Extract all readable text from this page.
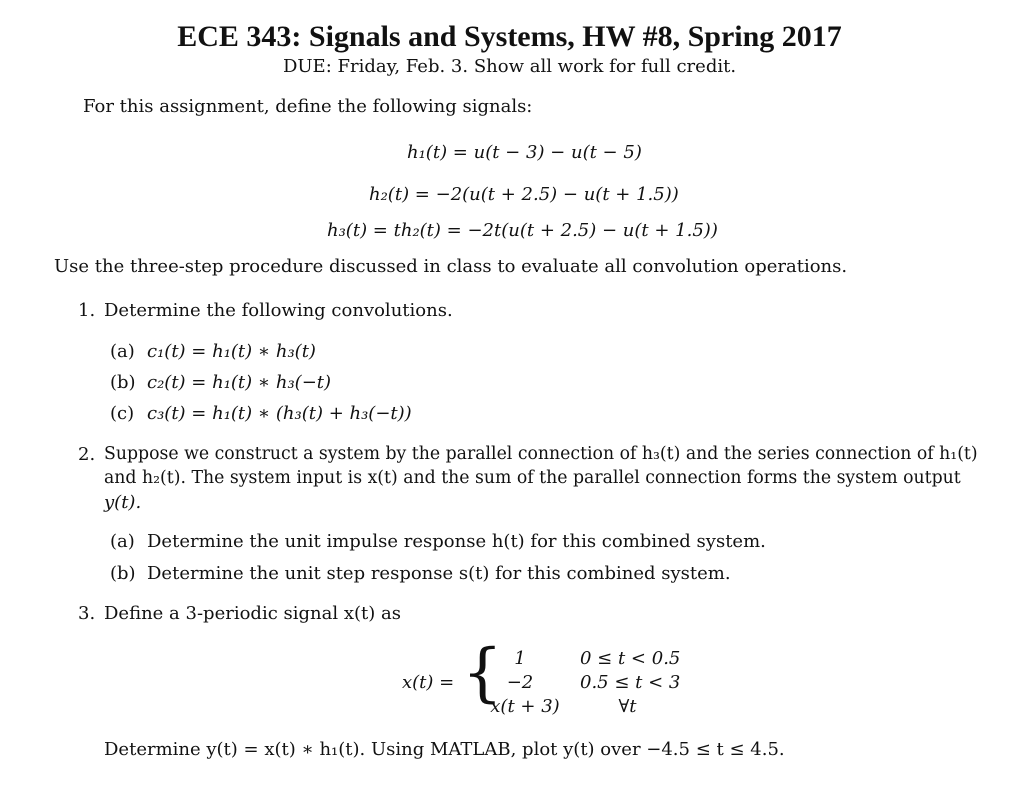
ECE 343: Signals and Systems, HW #8, Spring 2017
DUE: Friday, Feb. 3. Show all work for full credit.
For this assignment, define the following signals:
h₁(t) = u(t − 3) − u(t − 5)
h₂(t) = −2(u(t + 2.5) − u(t + 1.5))
h₃(t) = th₂(t) = −2t(u(t + 2.5) − u(t + 1.5))
Use the three-step procedure discussed in class to evaluate all convolution operations.
1. Determine the following convolutions.
(a) c₁(t) = h₁(t) ∗ h₃(t)
(b) c₂(t) = h₁(t) ∗ h₃(−t)
(c) c₃(t) = h₁(t) ∗ (h₃(t) + h₃(−t))
2. Suppose we construct a system by the parallel connection of h₃(t) and the series connection of h₁(t)
and h₂(t). The system input is x(t) and the sum of the parallel connection forms the system output
y(t).
(a) Determine the unit impulse response h(t) for this combined system.
(b) Determine the unit step response s(t) for this combined system.
3. Define a 3-periodic signal x(t) as
x(t) = { 1	0 ≤ t < 0.5
−2	0.5 ≤ t < 3
x(t + 3)	∀t
Determine y(t) = x(t) ∗ h₁(t). Using MATLAB, plot y(t) over −4.5 ≤ t ≤ 4.5.
